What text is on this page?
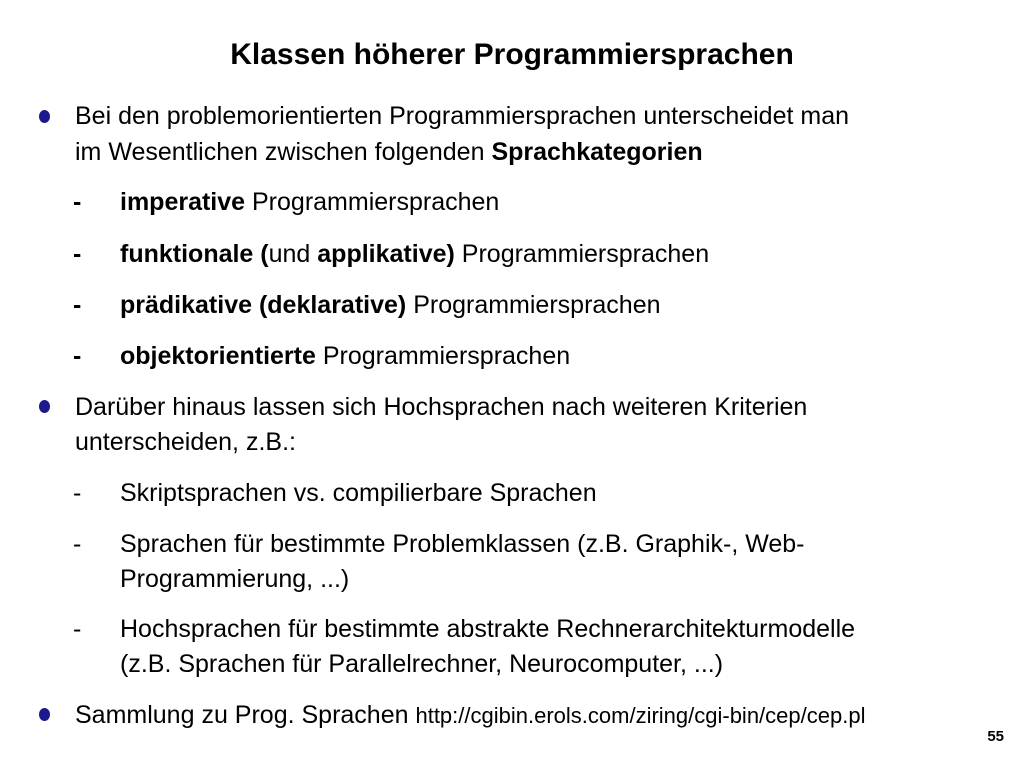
Klassen höherer Programmiersprachen
Bei den problemorientierten Programmiersprachen unterscheidet man
im Wesentlichen zwischen folgenden Sprachkategorien
- imperative Programmiersprachen
- funktionale (und applikative) Programmiersprachen
- prädikative (deklarative) Programmiersprachen
- objektorientierte Programmiersprachen
Darüber hinaus lassen sich Hochsprachen nach weiteren Kriterien
unterscheiden, z.B.:
- Skriptsprachen vs. compilierbare Sprachen
- Sprachen für bestimmte Problemklassen (z.B. Graphik-, Web-
Programmierung, ...)
- Hochsprachen für bestimmte abstrakte Rechnerarchitekturmodelle
(z.B. Sprachen für Parallelrechner, Neurocomputer, ...)
Sammlung zu Prog. Sprachen http://cgibin.erols.com/ziring/cgi-bin/cep/cep.pl
55
